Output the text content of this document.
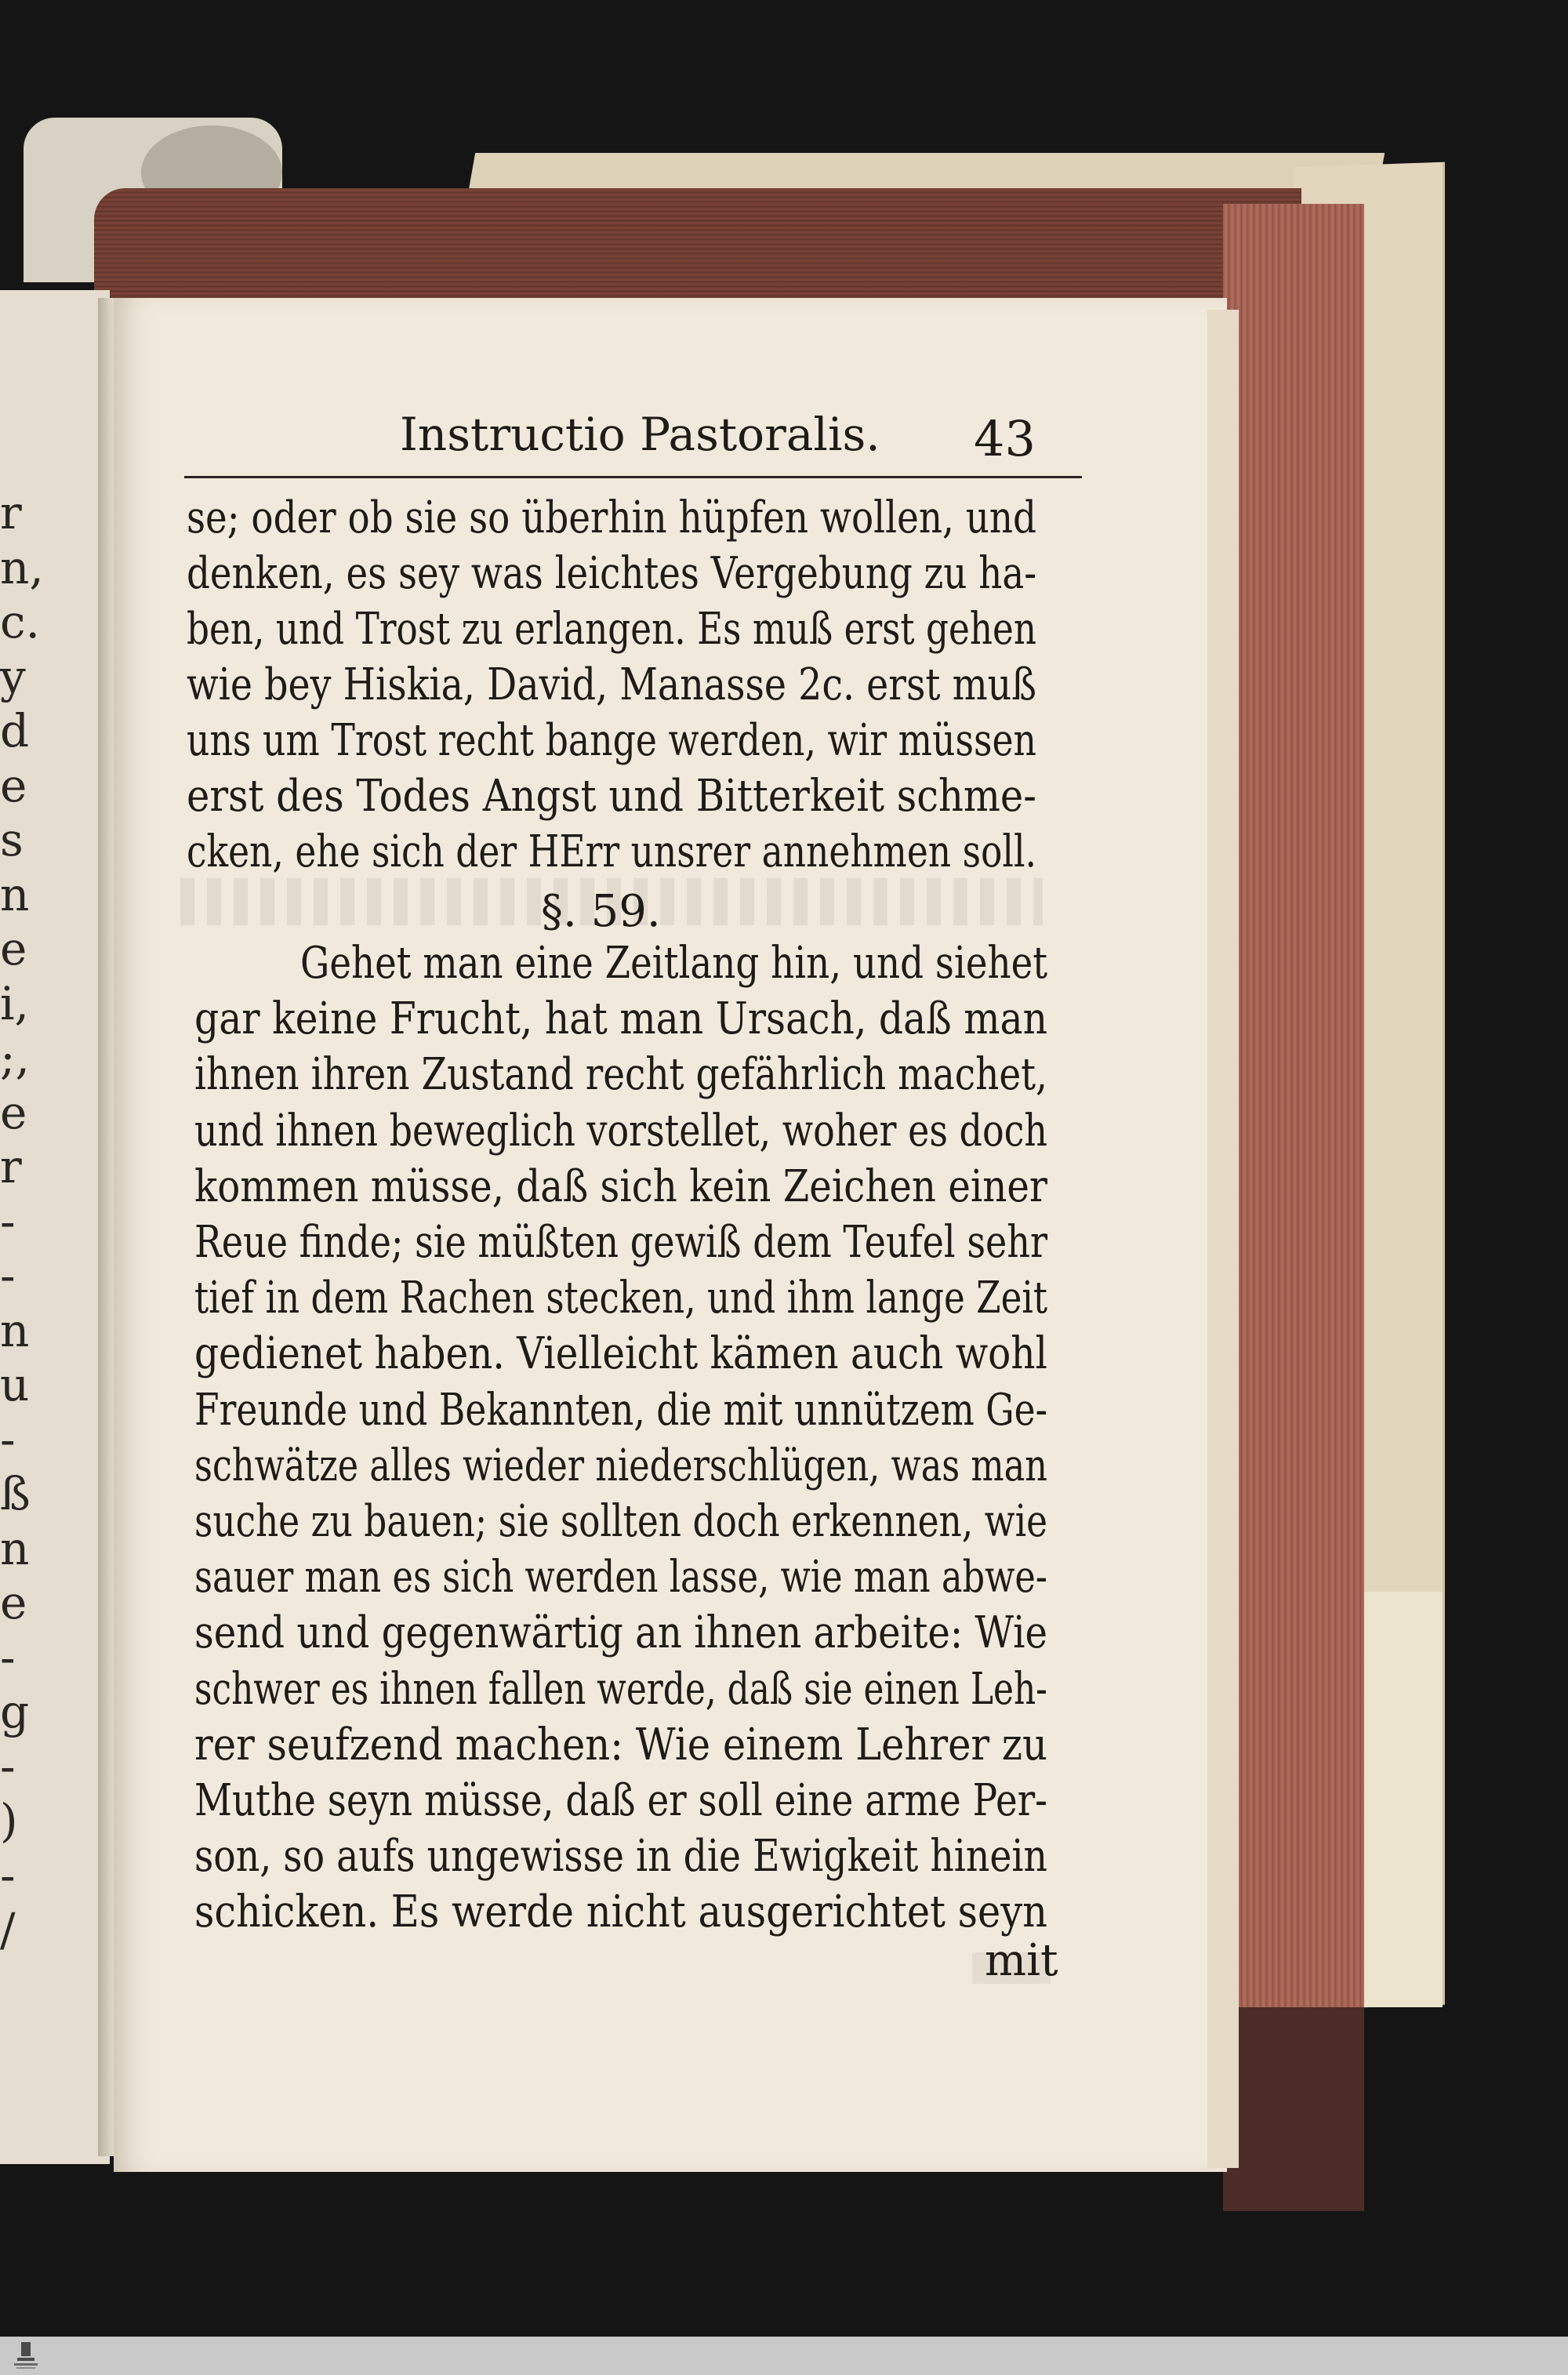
r
n,
c.
y
d
e
s
n
e
i,
;,
e
r
-
-
n
u
-
ß
n
e
-
g
-
)
-
/
Instructio Pastoralis. 43
se; oder ob sie so überhin hüpfen wollen, und
denken, es sey was leichtes Vergebung zu ha-
ben, und Trost zu erlangen. Es muß erst gehen
wie bey Hiskia, David, Manasse 2c. erst muß
uns um Trost recht bange werden, wir müssen
erst des Todes Angst und Bitterkeit schme-
cken, ehe sich der HErr unsrer annehmen soll.
§. 59.
Gehet man eine Zeitlang hin, und siehet
gar keine Frucht, hat man Ursach, daß man
ihnen ihren Zustand recht gefährlich machet,
und ihnen beweglich vorstellet, woher es doch
kommen müsse, daß sich kein Zeichen einer
Reue finde; sie müßten gewiß dem Teufel sehr
tief in dem Rachen stecken, und ihm lange Zeit
gedienet haben. Vielleicht kämen auch wohl
Freunde und Bekannten, die mit unnützem Ge-
schwätze alles wieder niederschlügen, was man
suche zu bauen; sie sollten doch erkennen, wie
sauer man es sich werden lasse, wie man abwe-
send und gegenwärtig an ihnen arbeite: Wie
schwer es ihnen fallen werde, daß sie einen Leh-
rer seufzend machen: Wie einem Lehrer zu
Muthe seyn müsse, daß er soll eine arme Per-
son, so aufs ungewisse in die Ewigkeit hinein
schicken. Es werde nicht ausgerichtet seyn
mit
